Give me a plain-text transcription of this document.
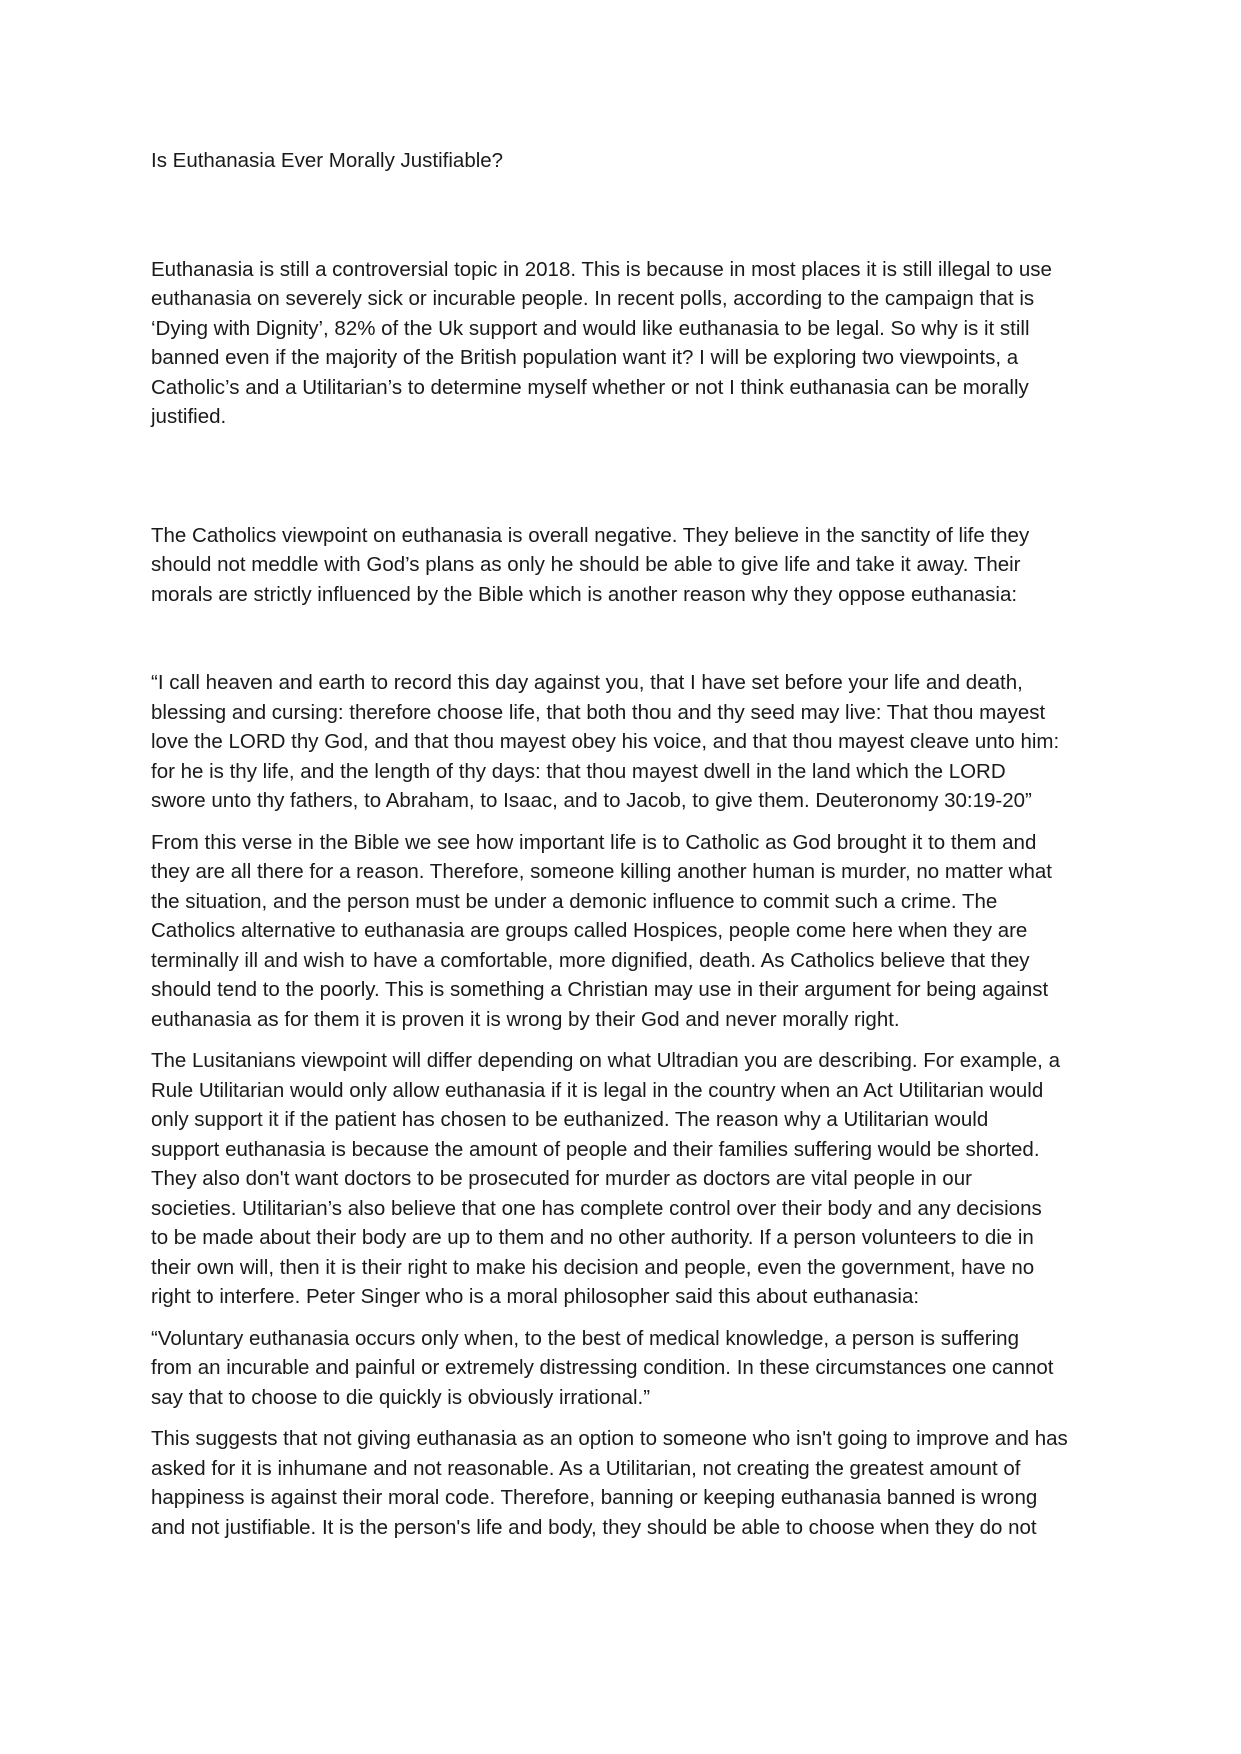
Is Euthanasia Ever Morally Justifiable?

Euthanasia is still a controversial topic in 2018. This is because in most places it is still illegal to use
euthanasia on severely sick or incurable people. In recent polls, according to the campaign that is
‘Dying with Dignity’, 82% of the Uk support and would like euthanasia to be legal. So why is it still
banned even if the majority of the British population want it? I will be exploring two viewpoints, a
Catholic’s and a Utilitarian’s to determine myself whether or not I think euthanasia can be morally
justified.

The Catholics viewpoint on euthanasia is overall negative. They believe in the sanctity of life they
should not meddle with God’s plans as only he should be able to give life and take it away. Their
morals are strictly influenced by the Bible which is another reason why they oppose euthanasia:

“I call heaven and earth to record this day against you, that I have set before your life and death,
blessing and cursing: therefore choose life, that both thou and thy seed may live: That thou mayest
love the LORD thy God, and that thou mayest obey his voice, and that thou mayest cleave unto him:
for he is thy life, and the length of thy days: that thou mayest dwell in the land which the LORD
swore unto thy fathers, to Abraham, to Isaac, and to Jacob, to give them. Deuteronomy 30:19-20”

From this verse in the Bible we see how important life is to Catholic as God brought it to them and
they are all there for a reason. Therefore, someone killing another human is murder, no matter what
the situation, and the person must be under a demonic influence to commit such a crime. The
Catholics alternative to euthanasia are groups called Hospices, people come here when they are
terminally ill and wish to have a comfortable, more dignified, death. As Catholics believe that they
should tend to the poorly. This is something a Christian may use in their argument for being against
euthanasia as for them it is proven it is wrong by their God and never morally right.

The Lusitanians viewpoint will differ depending on what Ultradian you are describing. For example, a
Rule Utilitarian would only allow euthanasia if it is legal in the country when an Act Utilitarian would
only support it if the patient has chosen to be euthanized. The reason why a Utilitarian would
support euthanasia is because the amount of people and their families suffering would be shorted.
They also don't want doctors to be prosecuted for murder as doctors are vital people in our
societies. Utilitarian’s also believe that one has complete control over their body and any decisions
to be made about their body are up to them and no other authority. If a person volunteers to die in
their own will, then it is their right to make his decision and people, even the government, have no
right to interfere. Peter Singer who is a moral philosopher said this about euthanasia:

“Voluntary euthanasia occurs only when, to the best of medical knowledge, a person is suffering
from an incurable and painful or extremely distressing condition. In these circumstances one cannot
say that to choose to die quickly is obviously irrational.”

This suggests that not giving euthanasia as an option to someone who isn't going to improve and has
asked for it is inhumane and not reasonable. As a Utilitarian, not creating the greatest amount of
happiness is against their moral code. Therefore, banning or keeping euthanasia banned is wrong
and not justifiable. It is the person's life and body, they should be able to choose when they do not
